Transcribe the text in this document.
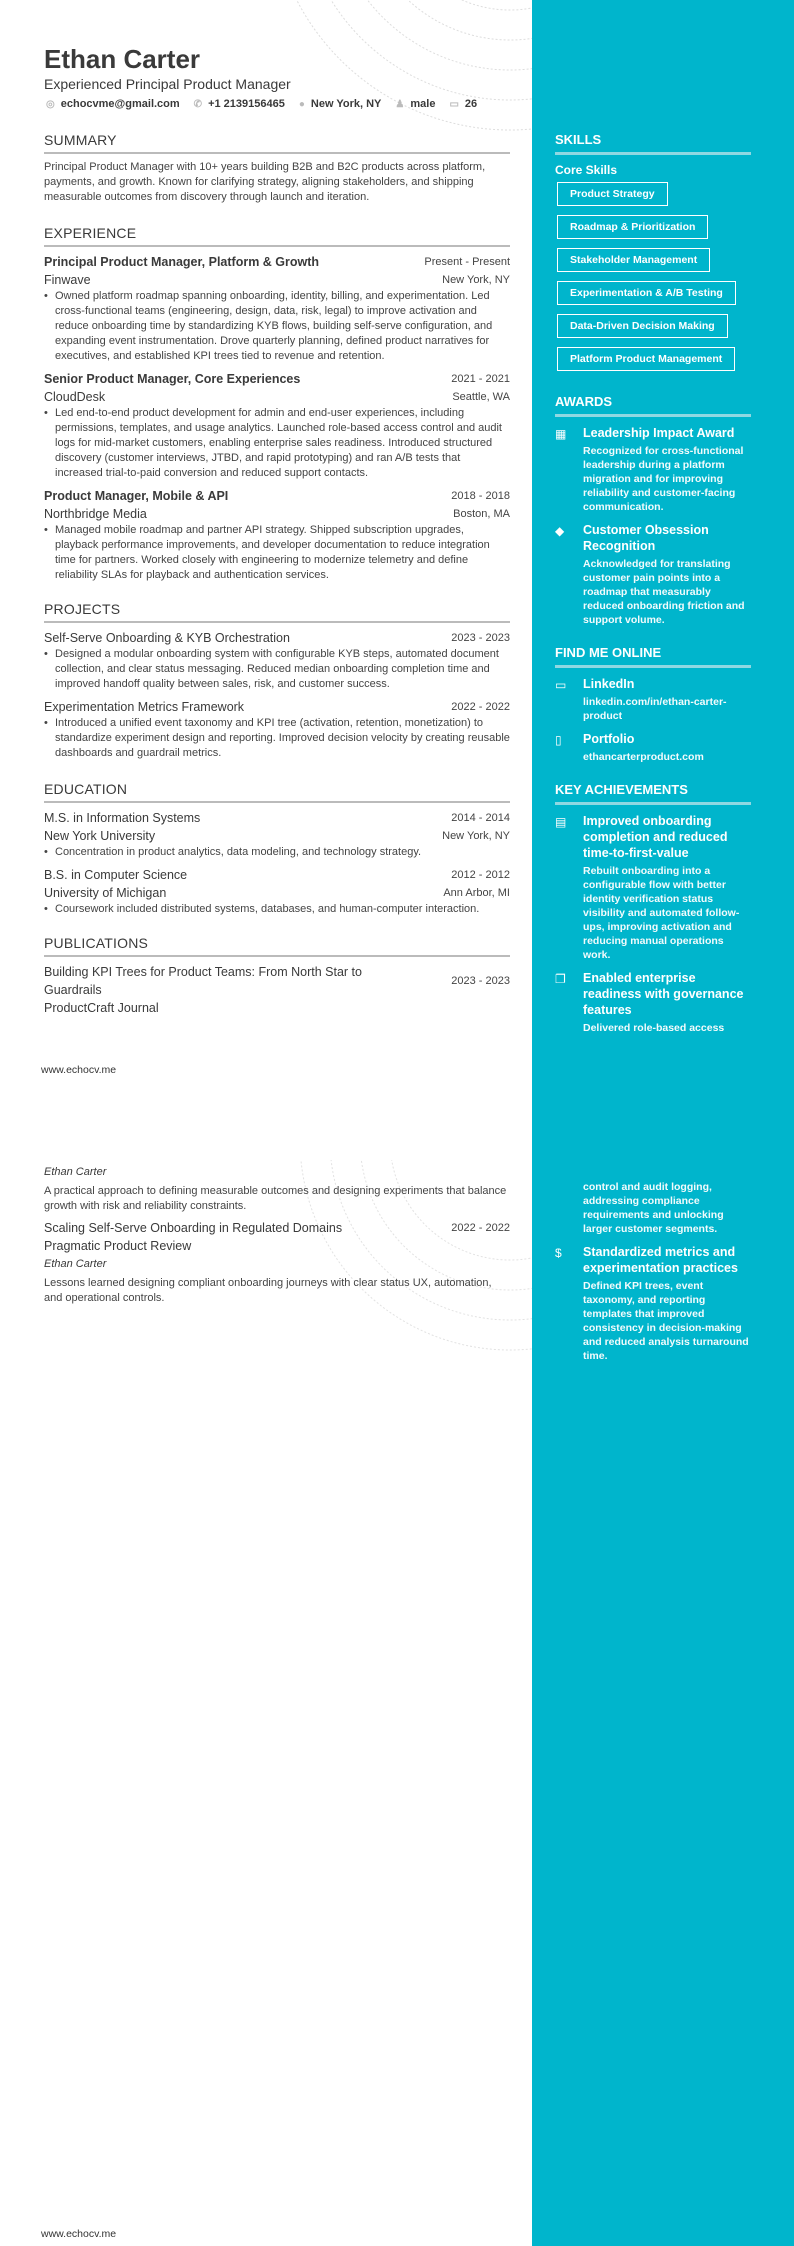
Ethan Carter
Experienced Principal Product Manager
◎ echocvme@gmail.com ✆ +1 2139156465 ● New York, NY ♟ male ▭ 26
SUMMARY
Principal Product Manager with 10+ years building B2B and B2C products across platform, payments, and growth. Known for clarifying strategy, aligning stakeholders, and shipping measurable outcomes from discovery through launch and iteration.
EXPERIENCE
Principal Product Manager, Platform & Growth	Present - Present
Finwave	New York, NY
• Owned platform roadmap spanning onboarding, identity, billing, and experimentation. Led cross-functional teams (engineering, design, data, risk, legal) to improve activation and reduce onboarding time by standardizing KYB flows, building self-serve configuration, and expanding event instrumentation. Drove quarterly planning, defined product narratives for executives, and established KPI trees tied to revenue and retention.
Senior Product Manager, Core Experiences	2021 - 2021
CloudDesk	Seattle, WA
• Led end-to-end product development for admin and end-user experiences, including permissions, templates, and usage analytics. Launched role-based access control and audit logs for mid-market customers, enabling enterprise sales readiness. Introduced structured discovery (customer interviews, JTBD, and rapid prototyping) and ran A/B tests that increased trial-to-paid conversion and reduced support contacts.
Product Manager, Mobile & API	2018 - 2018
Northbridge Media	Boston, MA
• Managed mobile roadmap and partner API strategy. Shipped subscription upgrades, playback performance improvements, and developer documentation to reduce integration time for partners. Worked closely with engineering to modernize telemetry and define reliability SLAs for playback and authentication services.
PROJECTS
Self-Serve Onboarding & KYB Orchestration	2023 - 2023
• Designed a modular onboarding system with configurable KYB steps, automated document collection, and clear status messaging. Reduced median onboarding completion time and improved handoff quality between sales, risk, and customer success.
Experimentation Metrics Framework	2022 - 2022
• Introduced a unified event taxonomy and KPI tree (activation, retention, monetization) to standardize experiment design and reporting. Improved decision velocity by creating reusable dashboards and guardrail metrics.
EDUCATION
M.S. in Information Systems	2014 - 2014
New York University	New York, NY
• Concentration in product analytics, data modeling, and technology strategy.
B.S. in Computer Science	2012 - 2012
University of Michigan	Ann Arbor, MI
• Coursework included distributed systems, databases, and human-computer interaction.
PUBLICATIONS
Building KPI Trees for Product Teams: From North Star to Guardrails
2023 - 2023
ProductCraft Journal
www.echocv.me
Ethan Carter
A practical approach to defining measurable outcomes and designing experiments that balance growth with risk and reliability constraints.
Scaling Self-Serve Onboarding in Regulated Domains	2022 - 2022
Pragmatic Product Review
Ethan Carter
Lessons learned designing compliant onboarding journeys with clear status UX, automation, and operational controls.
www.echocv.me
SKILLS
Core Skills
Product Strategy
Roadmap & Prioritization
Stakeholder Management
Experimentation & A/B Testing
Data-Driven Decision Making
Platform Product Management
AWARDS
▦	Leadership Impact Award
Recognized for cross-functional leadership during a platform migration and for improving reliability and customer-facing communication.
◆	Customer Obsession Recognition
Acknowledged for translating customer pain points into a roadmap that measurably reduced onboarding friction and support volume.
FIND ME ONLINE
▭	LinkedIn
linkedin.com/in/ethan-carter-product
▯	Portfolio
ethancarterproduct.com
KEY ACHIEVEMENTS
▤	Improved onboarding completion and reduced time-to-first-value
Rebuilt onboarding into a configurable flow with better identity verification status visibility and automated follow-ups, improving activation and reducing manual operations work.
❐	Enabled enterprise readiness with governance features
Delivered role-based access
control and audit logging, addressing compliance requirements and unlocking larger customer segments.
$	Standardized metrics and experimentation practices
Defined KPI trees, event taxonomy, and reporting templates that improved consistency in decision-making and reduced analysis turnaround time.
